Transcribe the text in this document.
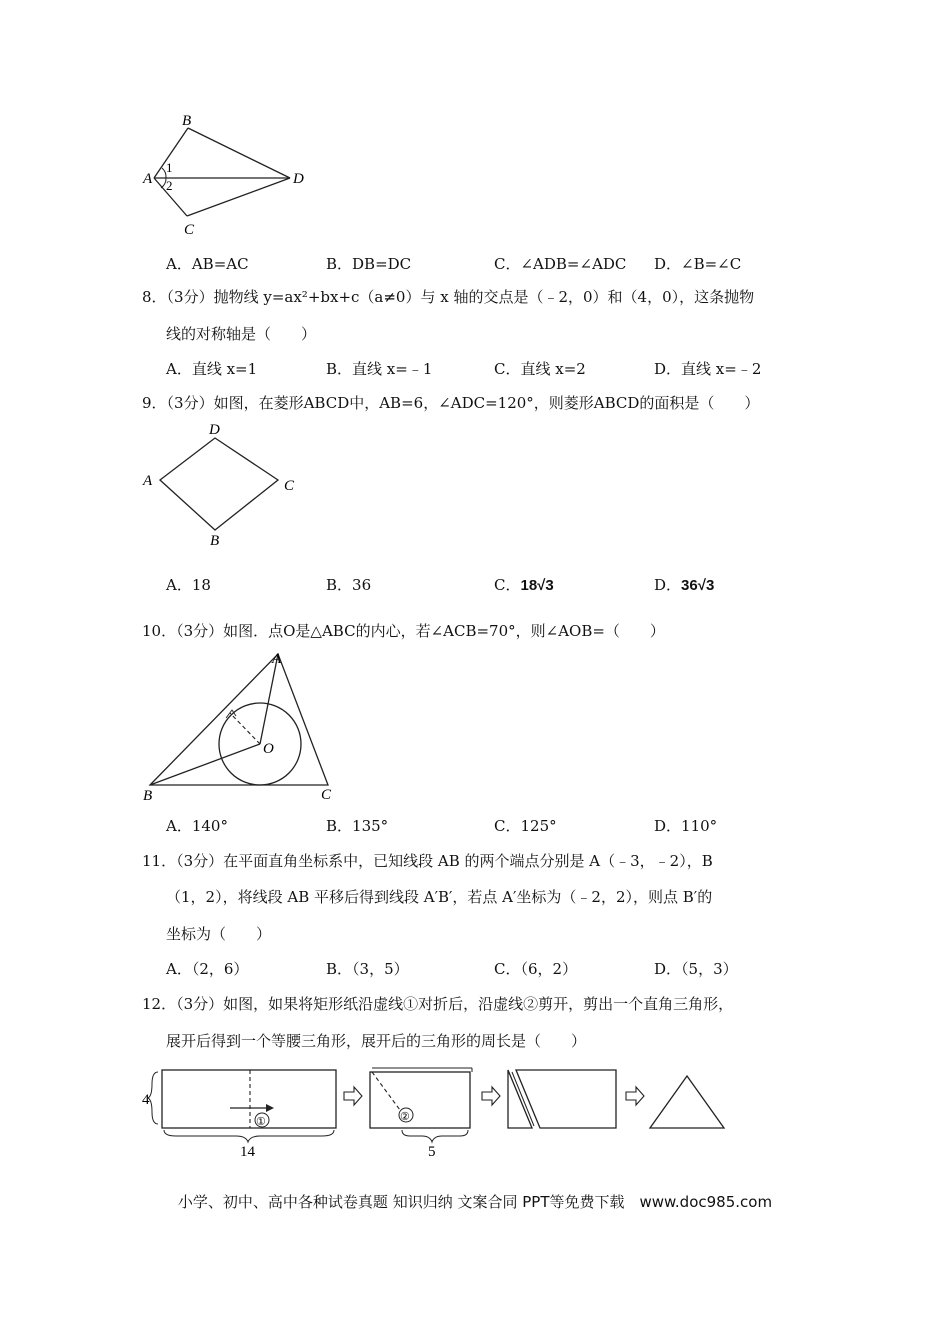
B
A
1
2	D
C
A．AB=AC	B．DB=DC	C．∠ADB=∠ADC D．∠B=∠C
8．（3分）抛物线 y=ax²+bx+c（a≠0）与 x 轴的交点是（﹣2，0）和（4，0），这条抛物
线的对称轴是（　　）
A．直线 x=1	B．直线 x=﹣1	C．直线 x=2	D．直线 x=﹣2
9．（3分）如图，在菱形ABCD中，AB=6，∠ADC=120°，则菱形ABCD的面积是（　　）
D
A	C
B
A．18	B．36	C．18√3	D．36√3
10．（3分）如图．点O是△ABC的内心，若∠ACB=70°，则∠AOB=（　　）
A
O
B	C
A．140°	B．135°	C．125°	D．110°
11．（3分）在平面直角坐标系中，已知线段 AB 的两个端点分别是 A（﹣3，﹣2），B
（1，2），将线段 AB 平移后得到线段 A′B′，若点 A′坐标为（﹣2，2），则点 B′的
坐标为（　　）
A．（2，6）	B．（3，5）	C．（6，2）	D．（5，3）
12．（3分）如图，如果将矩形纸沿虚线①对折后，沿虚线②剪开，剪出一个直角三角形，
展开后得到一个等腰三角形，展开后的三角形的周长是（　　）
4
①
14
②
5
小学、初中、高中各种试卷真题 知识归纳 文案合同 PPT等免费下载　www.doc985.com
